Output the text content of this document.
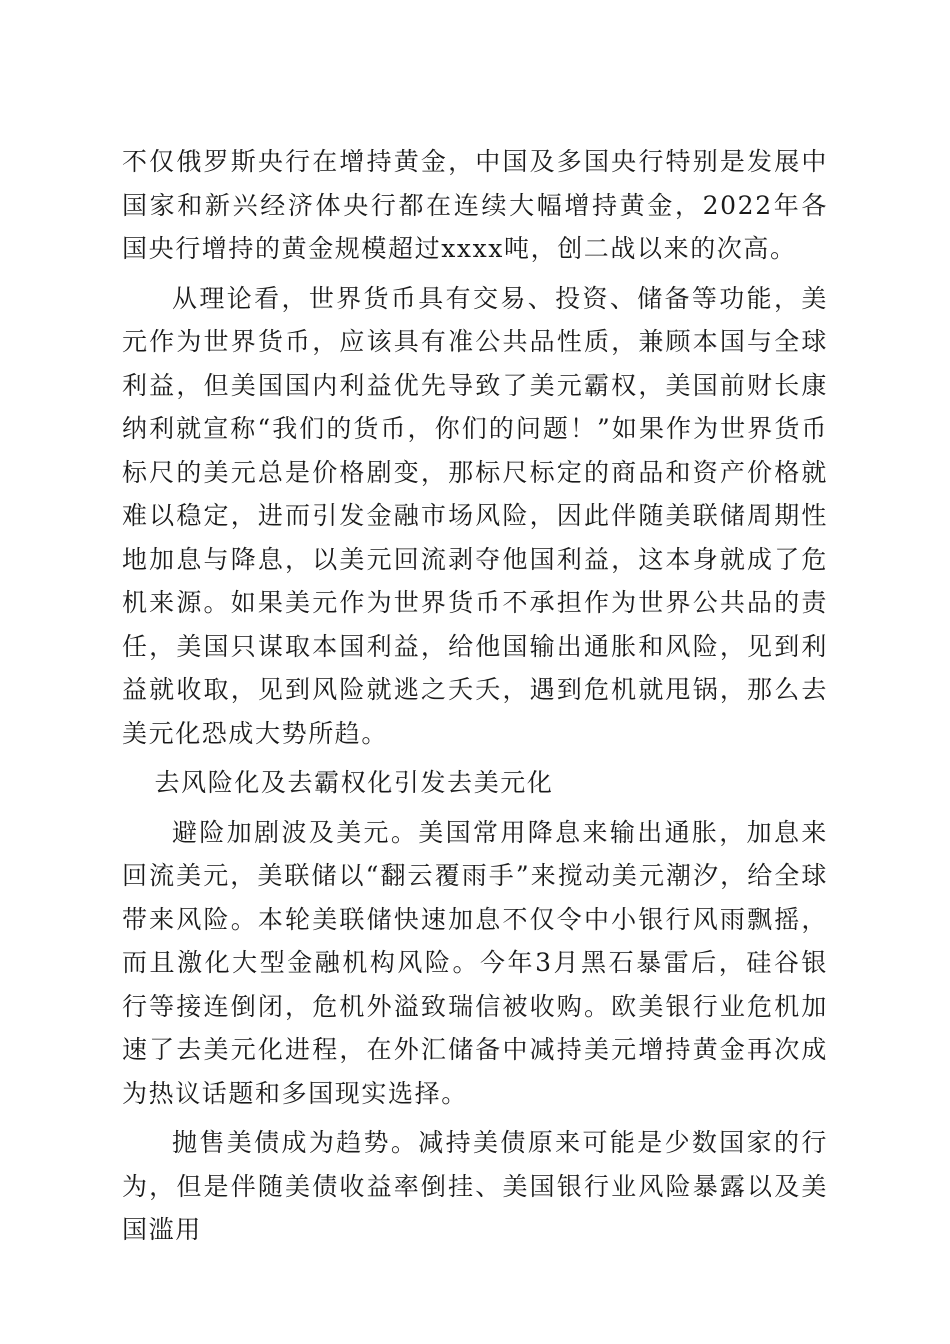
不仅俄罗斯央行在增持黄金，中国及多国央行特别是发展中国家和新兴经济体央行都在连续大幅增持黄金，2022年各国央行增持的黄金规模超过xxxx吨，创二战以来的次高。

从理论看，世界货币具有交易、投资、储备等功能，美元作为世界货币，应该具有准公共品性质，兼顾本国与全球利益，但美国国内利益优先导致了美元霸权，美国前财长康纳利就宣称“我们的货币，你们的问题！”如果作为世界货币标尺的美元总是价格剧变，那标尺标定的商品和资产价格就难以稳定，进而引发金融市场风险，因此伴随美联储周期性地加息与降息，以美元回流剥夺他国利益，这本身就成了危机来源。如果美元作为世界货币不承担作为世界公共品的责任，美国只谋取本国利益，给他国输出通胀和风险，见到利益就收取，见到风险就逃之夭夭，遇到危机就甩锅，那么去美元化恐成大势所趋。

去风险化及去霸权化引发去美元化

避险加剧波及美元。美国常用降息来输出通胀，加息来回流美元，美联储以“翻云覆雨手”来搅动美元潮汐，给全球带来风险。本轮美联储快速加息不仅令中小银行风雨飘摇，而且激化大型金融机构风险。今年3月黑石暴雷后，硅谷银行等接连倒闭，危机外溢致瑞信被收购。欧美银行业危机加速了去美元化进程，在外汇储备中减持美元增持黄金再次成为热议话题和多国现实选择。

抛售美债成为趋势。减持美债原来可能是少数国家的行为，但是伴随美债收益率倒挂、美国银行业风险暴露以及美国滥用
